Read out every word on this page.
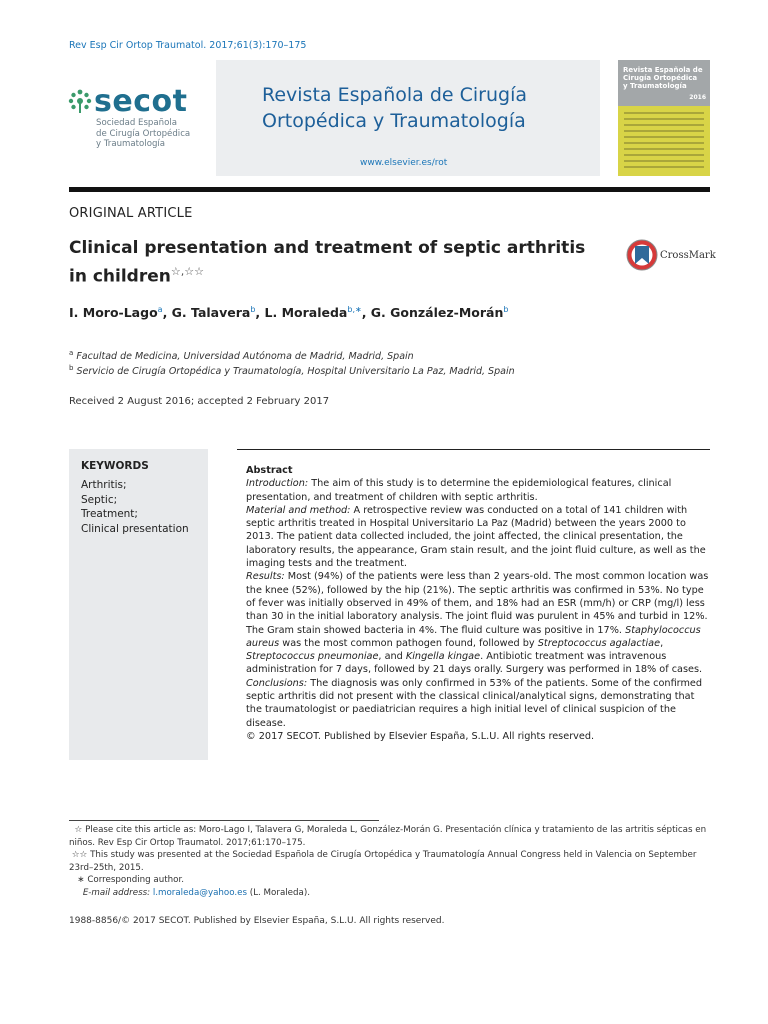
Rev Esp Cir Ortop Traumatol. 2017;61(3):170–175
secot
Sociedad Española
de Cirugía Ortopédica
y Traumatología
Revista Española de Cirugía
Ortopédica y Traumatología
www.elsevier.es/rot
Revista Española de
Cirugía Ortopédica
y Traumatología
2016
ORIGINAL ARTICLE
Clinical presentation and treatment of septic arthritis
in children☆,☆☆
CrossMark
I. Moro-Lago$^a$, G. Talavera$^b$, L. Moraleda$^{b,∗}$, G. González-Morán$^b$
$^a$ Facultad de Medicina, Universidad Autónoma de Madrid, Madrid, Spain
$^b$ Servicio de Cirugía Ortopédica y Traumatología, Hospital Universitario La Paz, Madrid, Spain
Received 2 August 2016; accepted 2 February 2017
KEYWORDS
Arthritis;
Septic;
Treatment;
Clinical presentation

Abstract

Introduction: The aim of this study is to determine the epidemiological features, clinical presentation, and treatment of children with septic arthritis.

Material and method: A retrospective review was conducted on a total of 141 children with septic arthritis treated in Hospital Universitario La Paz (Madrid) between the years 2000 to 2013. The patient data collected included, the joint affected, the clinical presentation, the laboratory results, the appearance, Gram stain result, and the joint fluid culture, as well as the imaging tests and the treatment.

Results: Most (94%) of the patients were less than 2 years-old. The most common location was the knee (52%), followed by the hip (21%). The septic arthritis was confirmed in 53%. No type of fever was initially observed in 49% of them, and 18% had an ESR (mm/h) or CRP (mg/l) less than 30 in the initial laboratory analysis. The joint fluid was purulent in 45% and turbid in 12%. The Gram stain showed bacteria in 4%. The fluid culture was positive in 17%. Staphylococcus aureus was the most common pathogen found, followed by Streptococcus agalactiae, Streptococcus pneumoniae, and Kingella kingae. Antibiotic treatment was intravenous administration for 7 days, followed by 21 days orally. Surgery was performed in 18% of cases.

Conclusions: The diagnosis was only confirmed in 53% of the patients. Some of the confirmed septic arthritis did not present with the classical clinical/analytical signs, demonstrating that the traumatologist or paediatrician requires a high initial level of clinical suspicion of the disease.

© 2017 SECOT. Published by Elsevier España, S.L.U. All rights reserved.

☆ Please cite this article as: Moro-Lago I, Talavera G, Moraleda L, González-Morán G. Presentación clínica y tratamiento de las artritis sépticas en niños. Rev Esp Cir Ortop Traumatol. 2017;61:170–175.

☆☆ This study was presented at the Sociedad Española de Cirugía Ortopédica y Traumatología Annual Congress held in Valencia on September 23rd–25th, 2015.

∗ Corresponding author.

E-mail address: l.moraleda@yahoo.es (L. Moraleda).

1988-8856/© 2017 SECOT. Published by Elsevier España, S.L.U. All rights reserved.
